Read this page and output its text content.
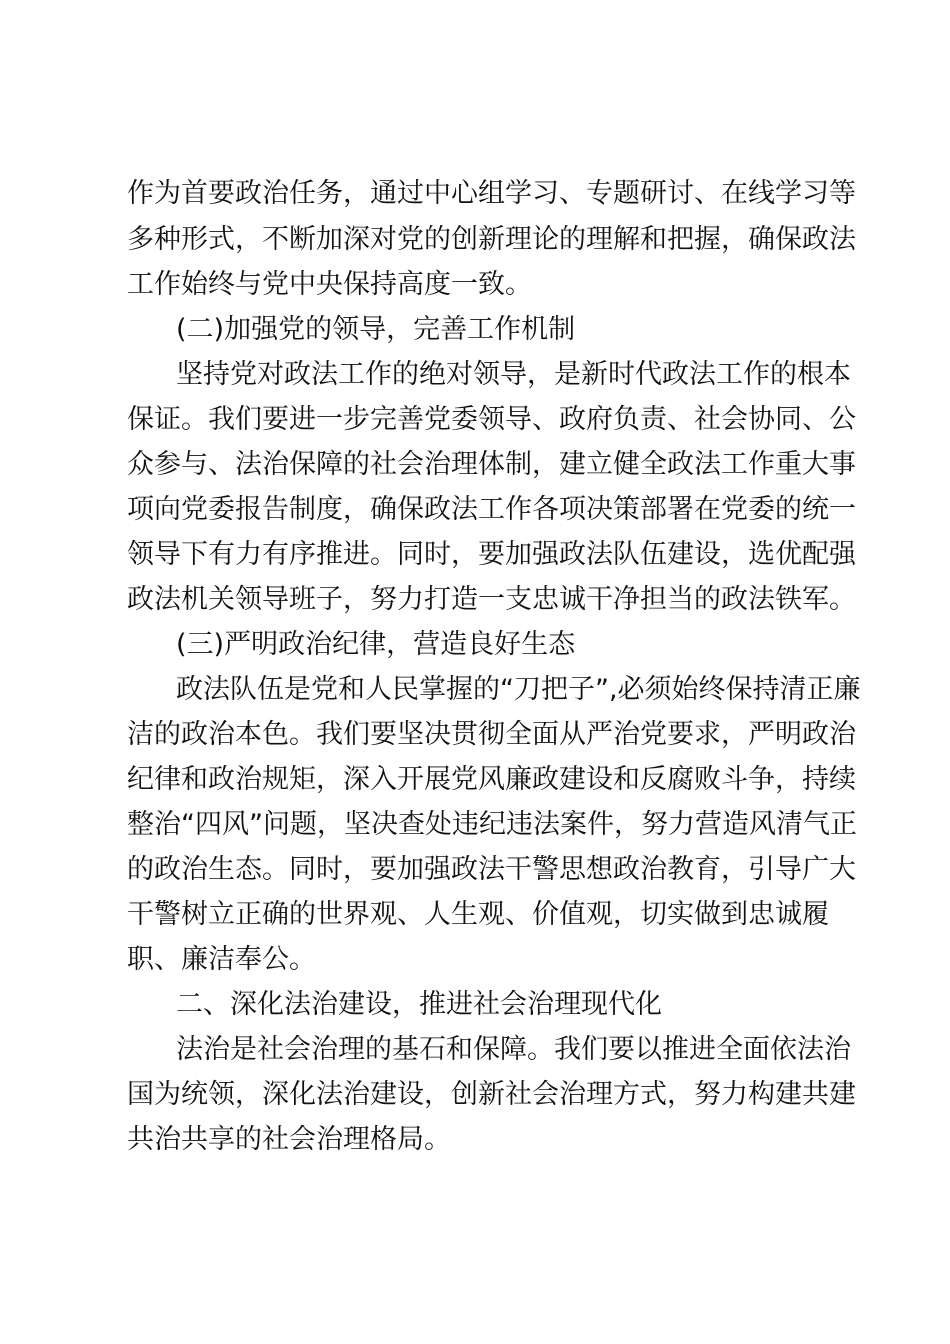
作为首要政治任务，通过中心组学习、专题研讨、在线学习等
多种形式，不断加深对党的创新理论的理解和把握，确保政法
工作始终与党中央保持高度一致。
(二)加强党的领导，完善工作机制
坚持党对政法工作的绝对领导，是新时代政法工作的根本
保证。我们要进一步完善党委领导、政府负责、社会协同、公
众参与、法治保障的社会治理体制，建立健全政法工作重大事
项向党委报告制度，确保政法工作各项决策部署在党委的统一
领导下有力有序推进。同时，要加强政法队伍建设，选优配强
政法机关领导班子，努力打造一支忠诚干净担当的政法铁军。
(三)严明政治纪律，营造良好生态
政法队伍是党和人民掌握的“刀把子”,必须始终保持清正廉
洁的政治本色。我们要坚决贯彻全面从严治党要求，严明政治
纪律和政治规矩，深入开展党风廉政建设和反腐败斗争，持续
整治“四风”问题，坚决查处违纪违法案件，努力营造风清气正
的政治生态。同时，要加强政法干警思想政治教育，引导广大
干警树立正确的世界观、人生观、价值观，切实做到忠诚履
职、廉洁奉公。
二、深化法治建设，推进社会治理现代化
法治是社会治理的基石和保障。我们要以推进全面依法治
国为统领，深化法治建设，创新社会治理方式，努力构建共建
共治共享的社会治理格局。
